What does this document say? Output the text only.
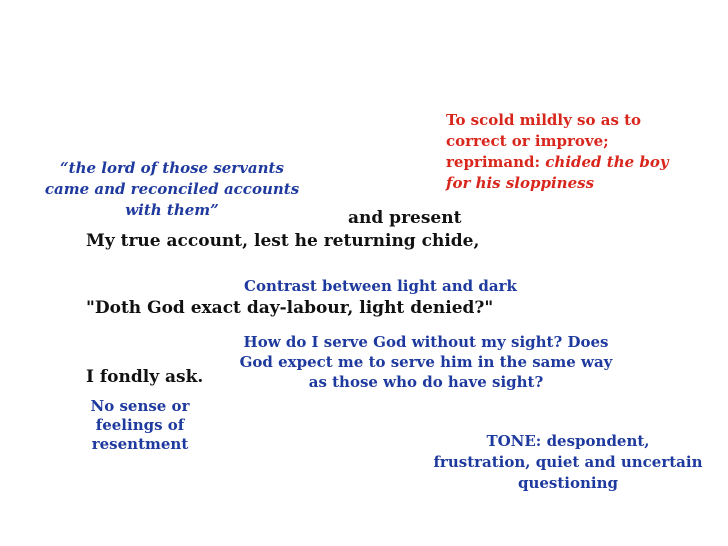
“the lord of those servants
came and reconciled accounts
with them”
To scold mildly so as to
correct or improve;
reprimand: chided the boy
for his sloppiness
and present
My true account, lest he returning chide,
Contrast between light and dark
"Doth God exact day-labour, light denied?"
How do I serve God without my sight? Does
God expect me to serve him in the same way
as those who do have sight?
I fondly ask.
No sense or
feelings of
resentment	TONE: despondent,
frustration, quiet and uncertain
questioning
